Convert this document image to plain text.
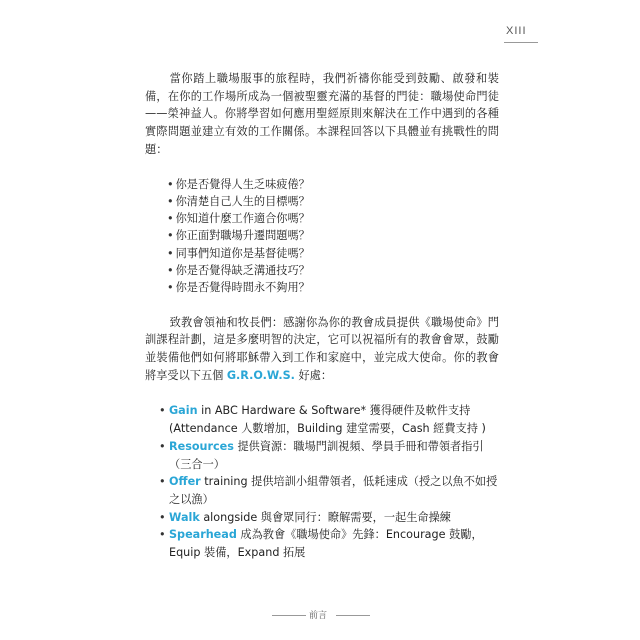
XIII

當你踏上職場服事的旅程時，我們祈禱你能受到鼓勵、啟發和裝備，在你的工作場所成為一個被聖靈充滿的基督的門徒：職場使命門徒——榮神益人。你將學習如何應用聖經原則來解決在工作中遇到的各種實際問題並建立有效的工作關係。本課程回答以下具體並有挑戰性的問題：

• 你是否覺得人生乏味疲倦？
• 你清楚自己人生的目標嗎？
• 你知道什麼工作適合你嗎？
• 你正面對職場升遷問題嗎？
• 同事們知道你是基督徒嗎？
• 你是否覺得缺乏溝通技巧？
• 你是否覺得時間永不夠用？

致教會領袖和牧長們：感謝你為你的教會成員提供《職場使命》門訓課程計劃，這是多麼明智的決定，它可以祝福所有的教會會眾，鼓勵並裝備他們如何將耶穌帶入到工作和家庭中，並完成大使命。你的教會將享受以下五個 G.R.O.W.S. 好處：

• Gain in ABC Hardware & Software* 獲得硬件及軟件支持 (Attendance 人數增加，Building 建堂需要，Cash 經費支持 )
• Resources 提供資源：職場門訓視頻、學員手冊和帶領者指引（三合一）
• Offer training 提供培訓小組帶領者，低耗速成（授之以魚不如授之以漁）
• Walk alongside 與會眾同行：瞭解需要，一起生命操練
• Spearhead 成為教會《職場使命》先鋒：Encourage 鼓勵，Equip 裝備，Expand 拓展
前言
